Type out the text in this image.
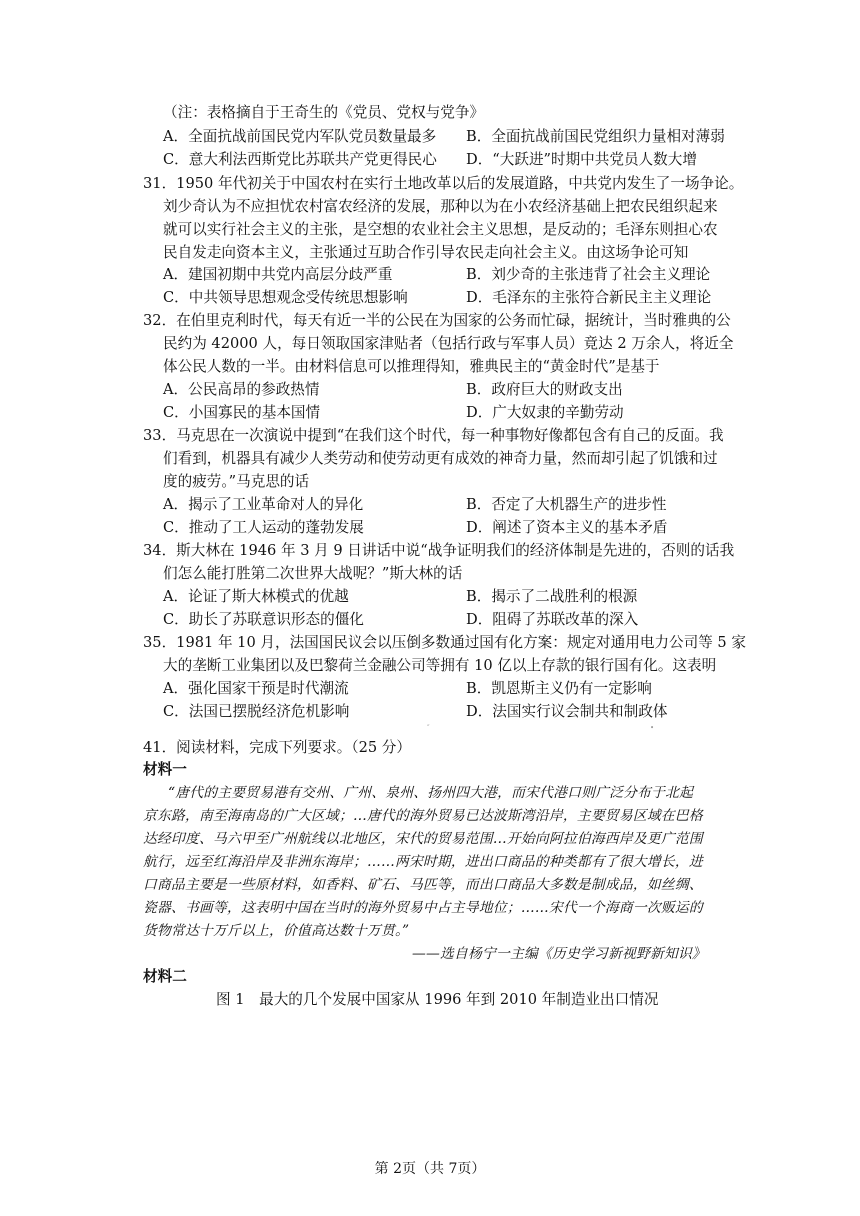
（注：表格摘自于王奇生的《党员、党权与党争》
A．全面抗战前国民党内军队党员数量最多 B．全面抗战前国民党组织力量相对薄弱
C．意大利法西斯党比苏联共产党更得民心 D．“大跃进”时期中共党员人数大增
31．1950 年代初关于中国农村在实行土地改革以后的发展道路，中共党内发生了一场争论。
刘少奇认为不应担忧农村富农经济的发展，那种以为在小农经济基础上把农民组织起来
就可以实行社会主义的主张，是空想的农业社会主义思想，是反动的；毛泽东则担心农
民自发走向资本主义，主张通过互助合作引导农民走向社会主义。由这场争论可知
A．建国初期中共党内高层分歧严重	B．刘少奇的主张违背了社会主义理论
C．中共领导思想观念受传统思想影响	D．毛泽东的主张符合新民主主义理论
32．在伯里克利时代，每天有近一半的公民在为国家的公务而忙碌，据统计，当时雅典的公
民约为 42000 人，每日领取国家津贴者（包括行政与军事人员）竟达 2 万余人，将近全
体公民人数的一半。由材料信息可以推理得知，雅典民主的“黄金时代”是基于
A．公民高昂的参政热情	B．政府巨大的财政支出
C．小国寡民的基本国情	D．广大奴隶的辛勤劳动
33．马克思在一次演说中提到“在我们这个时代，每一种事物好像都包含有自己的反面。我
们看到，机器具有减少人类劳动和使劳动更有成效的神奇力量，然而却引起了饥饿和过
度的疲劳。”马克思的话
A．揭示了工业革命对人的异化	B．否定了大机器生产的进步性
C．推动了工人运动的蓬勃发展	D．阐述了资本主义的基本矛盾
34．斯大林在 1946 年 3 月 9 日讲话中说“战争证明我们的经济体制是先进的，否则的话我
们怎么能打胜第二次世界大战呢？”斯大林的话
A．论证了斯大林模式的优越	B．揭示了二战胜利的根源
C．助长了苏联意识形态的僵化	D．阻碍了苏联改革的深入
35．1981 年 10 月，法国国民议会以压倒多数通过国有化方案：规定对通用电力公司等 5 家
大的垄断工业集团以及巴黎荷兰金融公司等拥有 10 亿以上存款的银行国有化。这表明
A．强化国家干预是时代潮流	B．凯恩斯主义仍有一定影响
C．法国已摆脱经济危机影响	D．法国实行议会制共和制政体
″	•
41．阅读材料，完成下列要求。（25 分）
材料一
“唐代的主要贸易港有交州、广州、泉州、扬州四大港，而宋代港口则广泛分布于北起
京东路，南至海南岛的广大区域；…唐代的海外贸易已达波斯湾沿岸，主要贸易区域在巴格
达经印度、马六甲至广州航线以北地区，宋代的贸易范围…开始向阿拉伯海西岸及更广范围
航行，远至红海沿岸及非洲东海岸；……两宋时期，进出口商品的种类都有了很大增长，进
口商品主要是一些原材料，如香料、矿石、马匹等，而出口商品大多数是制成品，如丝绸、
瓷器、书画等，这表明中国在当时的海外贸易中占主导地位；……宋代一个海商一次贩运的
货物常达十万斤以上，价值高达数十万贯。”
——选自杨宁一主编《历史学习新视野新知识》
材料二
图 1　最大的几个发展中国家从 1996 年到 2010 年制造业出口情况
第 2页（共 7页）
